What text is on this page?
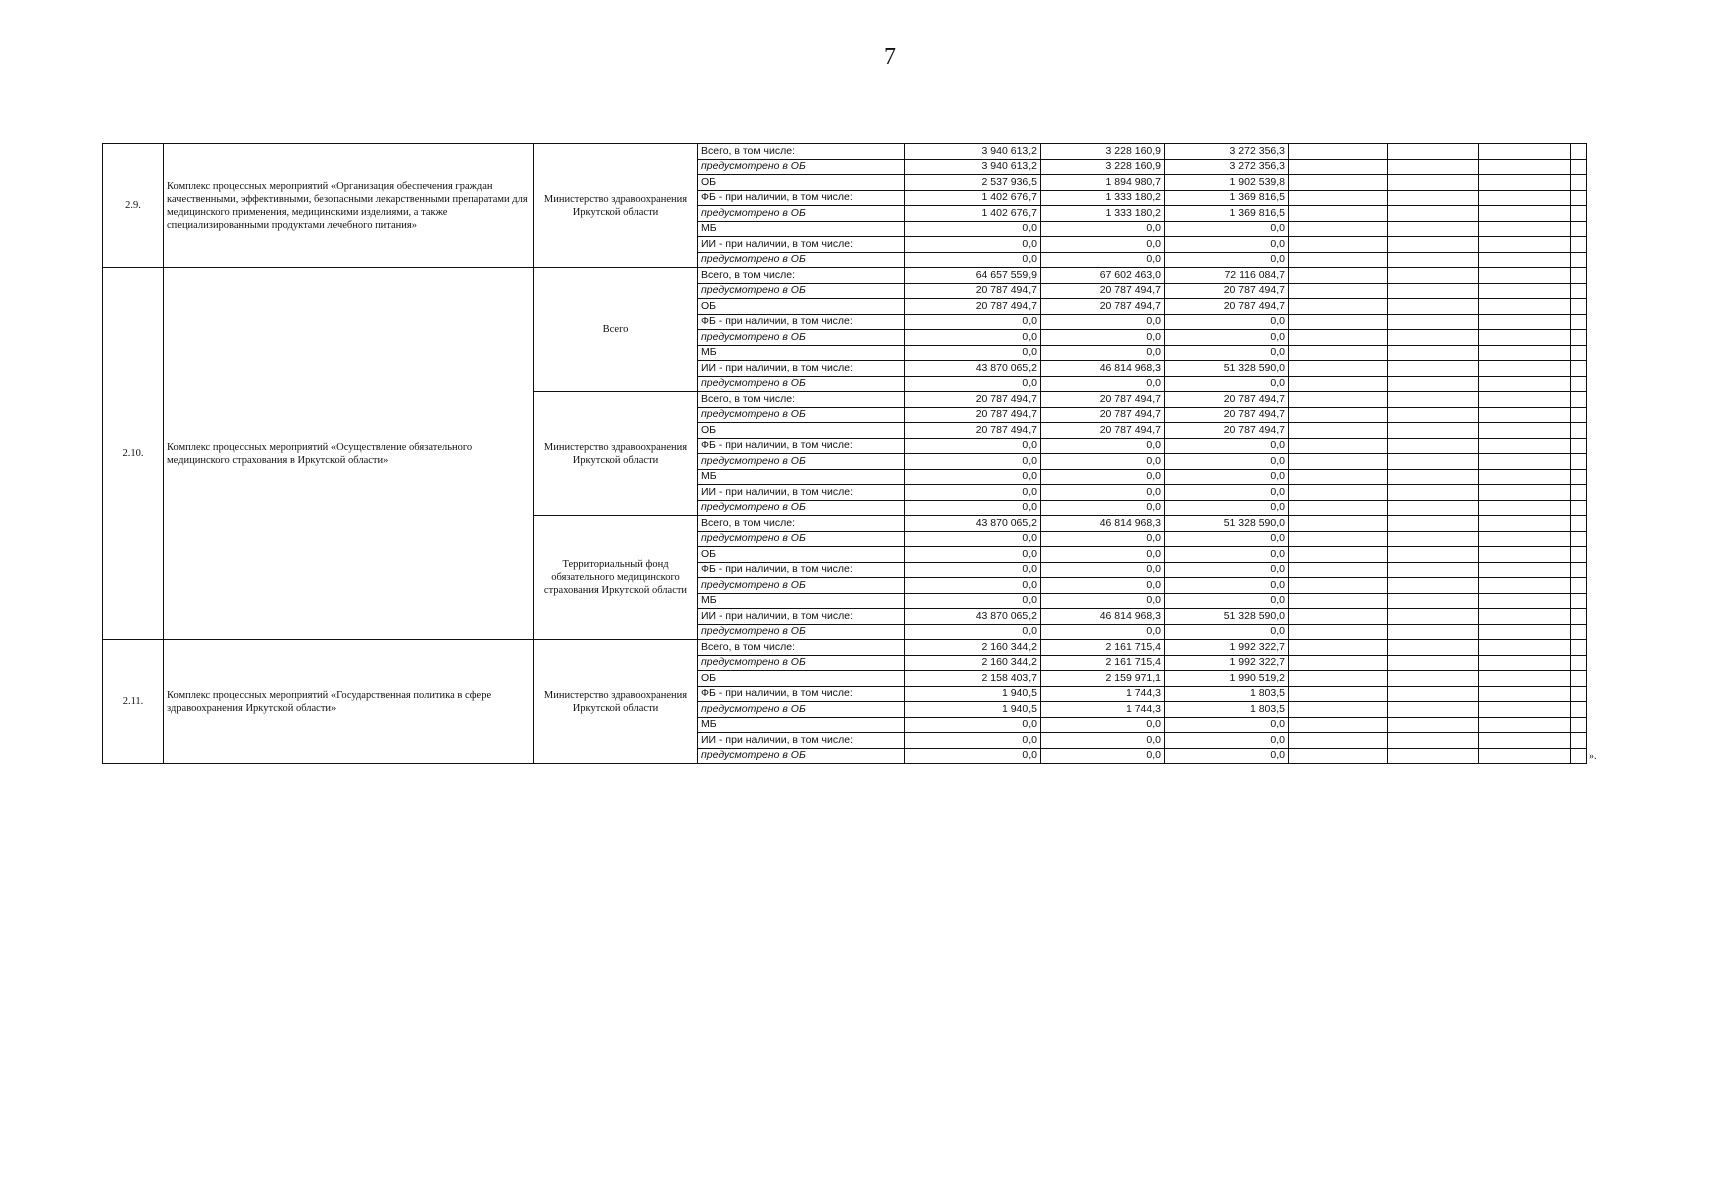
7
2.9.	Комплекс процессных мероприятий «Организация обеспечения граждан качественными, эффективными, безопасными лекарственными препаратами для медицинского применения, медицинскими изделиями, а также специализированными продуктами лечебного питания»	Министерство здравоохранения Иркутской области	Всего, в том числе:	3 940 613,2	3 228 160,9	3 272 356,3				
			предусмотрено в ОБ	3 940 613,2	3 228 160,9	3 272 356,3				
			ОБ	2 537 936,5	1 894 980,7	1 902 539,8				
			ФБ - при наличии, в том числе:	1 402 676,7	1 333 180,2	1 369 816,5				
			предусмотрено в ОБ	1 402 676,7	1 333 180,2	1 369 816,5				
			МБ	0,0	0,0	0,0				
			ИИ - при наличии, в том числе:	0,0	0,0	0,0				
			предусмотрено в ОБ	0,0	0,0	0,0				
2.10.	Комплекс процессных мероприятий «Осуществление обязательного медицинского страхования в Иркутской области»	Всего	Всего, в том числе:	64 657 559,9	67 602 463,0	72 116 084,7				
			предусмотрено в ОБ	20 787 494,7	20 787 494,7	20 787 494,7				
			ОБ	20 787 494,7	20 787 494,7	20 787 494,7				
			ФБ - при наличии, в том числе:	0,0	0,0	0,0				
			предусмотрено в ОБ	0,0	0,0	0,0				
			МБ	0,0	0,0	0,0				
			ИИ - при наличии, в том числе:	43 870 065,2	46 814 968,3	51 328 590,0				
			предусмотрено в ОБ	0,0	0,0	0,0				
		Министерство здравоохранения Иркутской области	Всего, в том числе:	20 787 494,7	20 787 494,7	20 787 494,7				
			предусмотрено в ОБ	20 787 494,7	20 787 494,7	20 787 494,7				
			ОБ	20 787 494,7	20 787 494,7	20 787 494,7				
			ФБ - при наличии, в том числе:	0,0	0,0	0,0				
			предусмотрено в ОБ	0,0	0,0	0,0				
			МБ	0,0	0,0	0,0				
			ИИ - при наличии, в том числе:	0,0	0,0	0,0				
			предусмотрено в ОБ	0,0	0,0	0,0				
		Территориальный фонд обязательного медицинского страхования Иркутской области	Всего, в том числе:	43 870 065,2	46 814 968,3	51 328 590,0				
			предусмотрено в ОБ	0,0	0,0	0,0				
			ОБ	0,0	0,0	0,0				
			ФБ - при наличии, в том числе:	0,0	0,0	0,0				
			предусмотрено в ОБ	0,0	0,0	0,0				
			МБ	0,0	0,0	0,0				
			ИИ - при наличии, в том числе:	43 870 065,2	46 814 968,3	51 328 590,0				
			предусмотрено в ОБ	0,0	0,0	0,0				
2.11.	Комплекс процессных мероприятий «Государственная политика в сфере здравоохранения Иркутской области»	Министерство здравоохранения Иркутской области	Всего, в том числе:	2 160 344,2	2 161 715,4	1 992 322,7				
			предусмотрено в ОБ	2 160 344,2	2 161 715,4	1 992 322,7				
			ОБ	2 158 403,7	2 159 971,1	1 990 519,2				
			ФБ - при наличии, в том числе:	1 940,5	1 744,3	1 803,5				
			предусмотрено в ОБ	1 940,5	1 744,3	1 803,5				
			МБ	0,0	0,0	0,0				
			ИИ - при наличии, в том числе:	0,0	0,0	0,0				
			предусмотрено в ОБ	0,0	0,0	0,0					».
